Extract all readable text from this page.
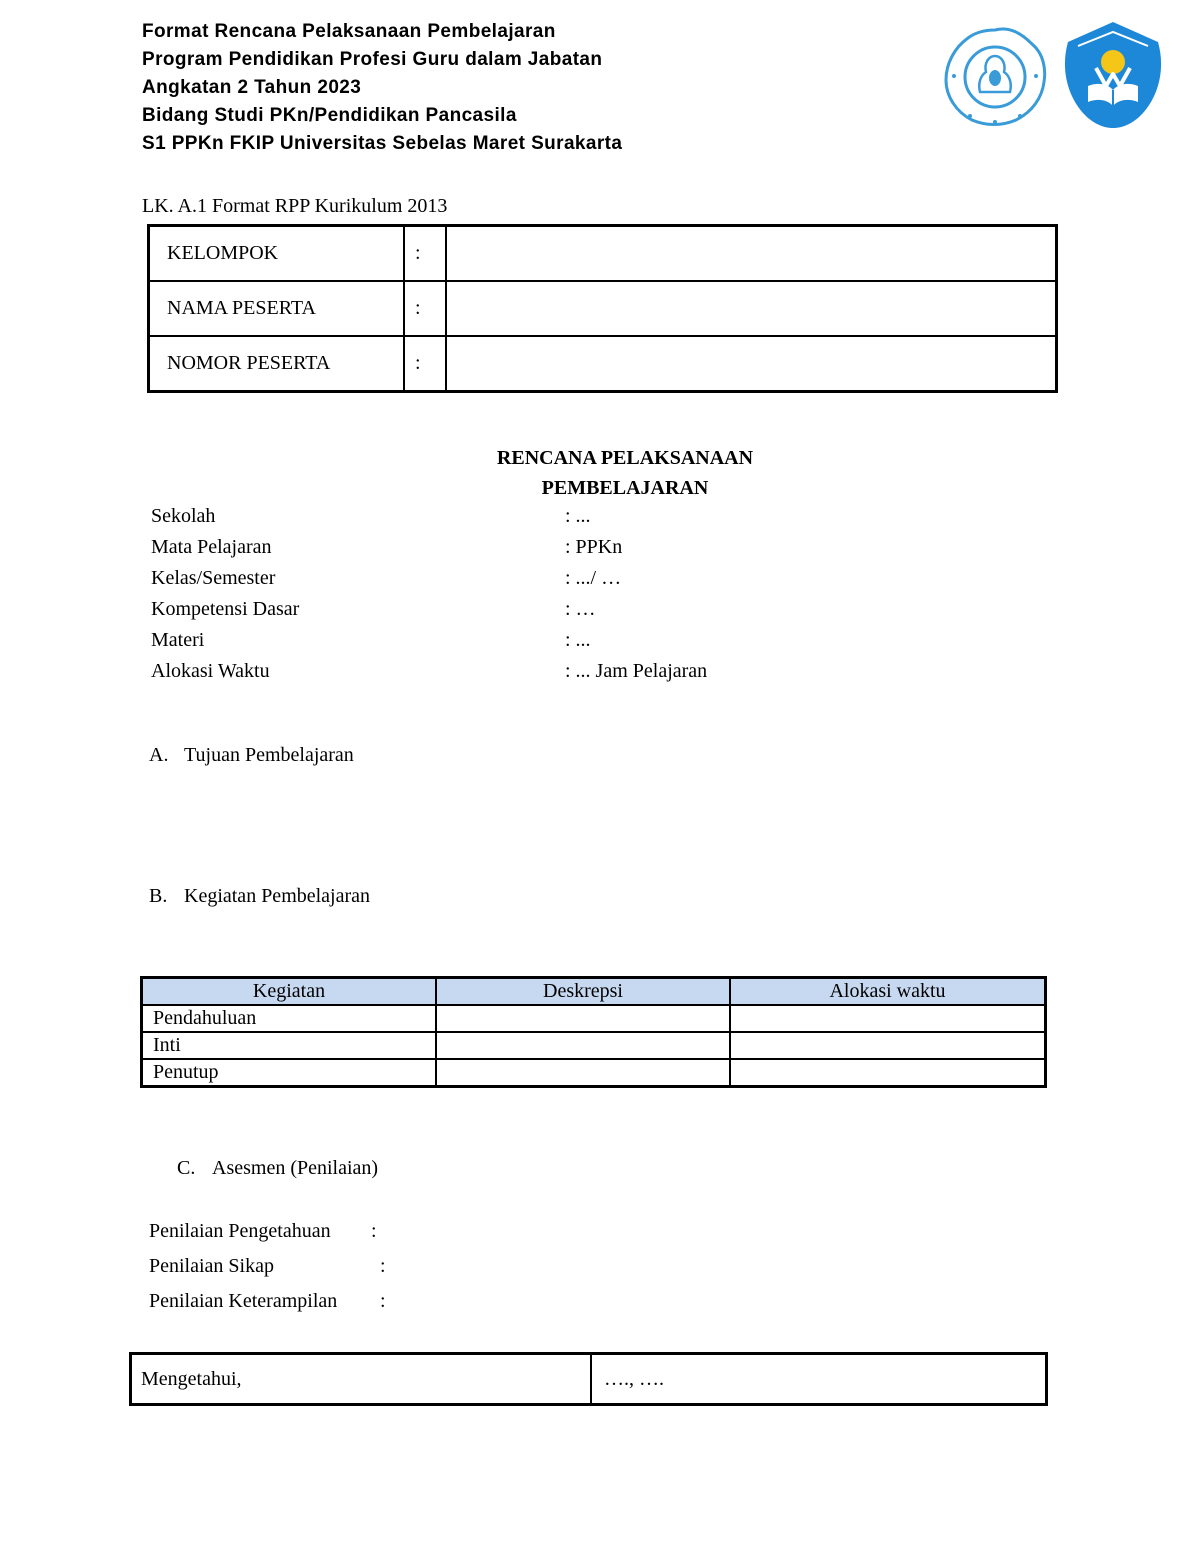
Format Rencana Pelaksanaan Pembelajaran
Program Pendidikan Profesi Guru dalam Jabatan
Angkatan 2 Tahun 2023
Bidang Studi PKn/Pendidikan Pancasila
S1 PPKn FKIP Universitas Sebelas Maret Surakarta
LK. A.1 Format RPP Kurikulum 2013
KELOMPOK	:	
NAMA PESERTA	:	
NOMOR PESERTA	:	
RENCANA PELAKSANAAN
PEMBELAJARAN
Sekolah	: ...
Mata Pelajaran	: PPKn
Kelas/Semester	: .../ …
Kompetensi Dasar	: …
Materi	: ...
Alokasi Waktu	: ... Jam Pelajaran
A. Tujuan Pembelajaran
B. Kegiatan Pembelajaran
Kegiatan	Deskrepsi	Alokasi waktu
Pendahuluan		
Inti		
Penutup		
C. Asesmen (Penilaian)
Penilaian Pengetahuan :
Penilaian Sikap	:
Penilaian Keterampilan :
Mengetahui,	…., ….
